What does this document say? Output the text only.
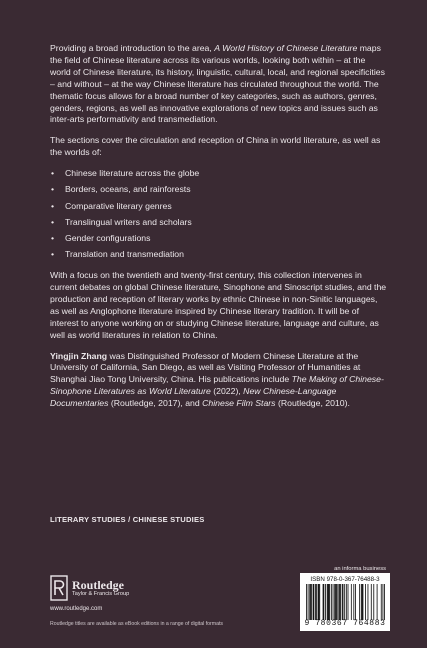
Providing a broad introduction to the area, A World History of Chinese Literature maps the field of Chinese literature across its various worlds, looking both within – at the world of Chinese literature, its history, linguistic, cultural, local, and regional specificities – and without – at the way Chinese literature has circulated throughout the world. The thematic focus allows for a broad number of key categories, such as authors, genres, genders, regions, as well as innovative explorations of new topics and issues such as inter-arts performativity and transmediation.

The sections cover the circulation and reception of China in world literature, as well as the worlds of:

• Chinese literature across the globe
• Borders, oceans, and rainforests
• Comparative literary genres
• Translingual writers and scholars
• Gender configurations
• Translation and transmediation

With a focus on the twentieth and twenty-first century, this collection intervenes in current debates on global Chinese literature, Sinophone and Sinoscript studies, and the production and reception of literary works by ethnic Chinese in non-Sinitic languages, as well as Anglophone literature inspired by Chinese literary tradition. It will be of interest to anyone working on or studying Chinese literature, language and culture, as well as world literatures in relation to China.

Yingjin Zhang was Distinguished Professor of Modern Chinese Literature at the University of California, San Diego, as well as Visiting Professor of Humanities at Shanghai Jiao Tong University, China. His publications include The Making of Chinese-Sinophone Literatures as World Literature (2022), New Chinese-Language Documentaries (Routledge, 2017), and Chinese Film Stars (Routledge, 2010).

LITERARY STUDIES / CHINESE STUDIES
Routledge
Taylor & Francis Group
www.routledge.com
Routledge titles are available as eBook editions in a range of digital formats
an informa business
ISBN 978-0-367-76488-3
9 780367 764883
